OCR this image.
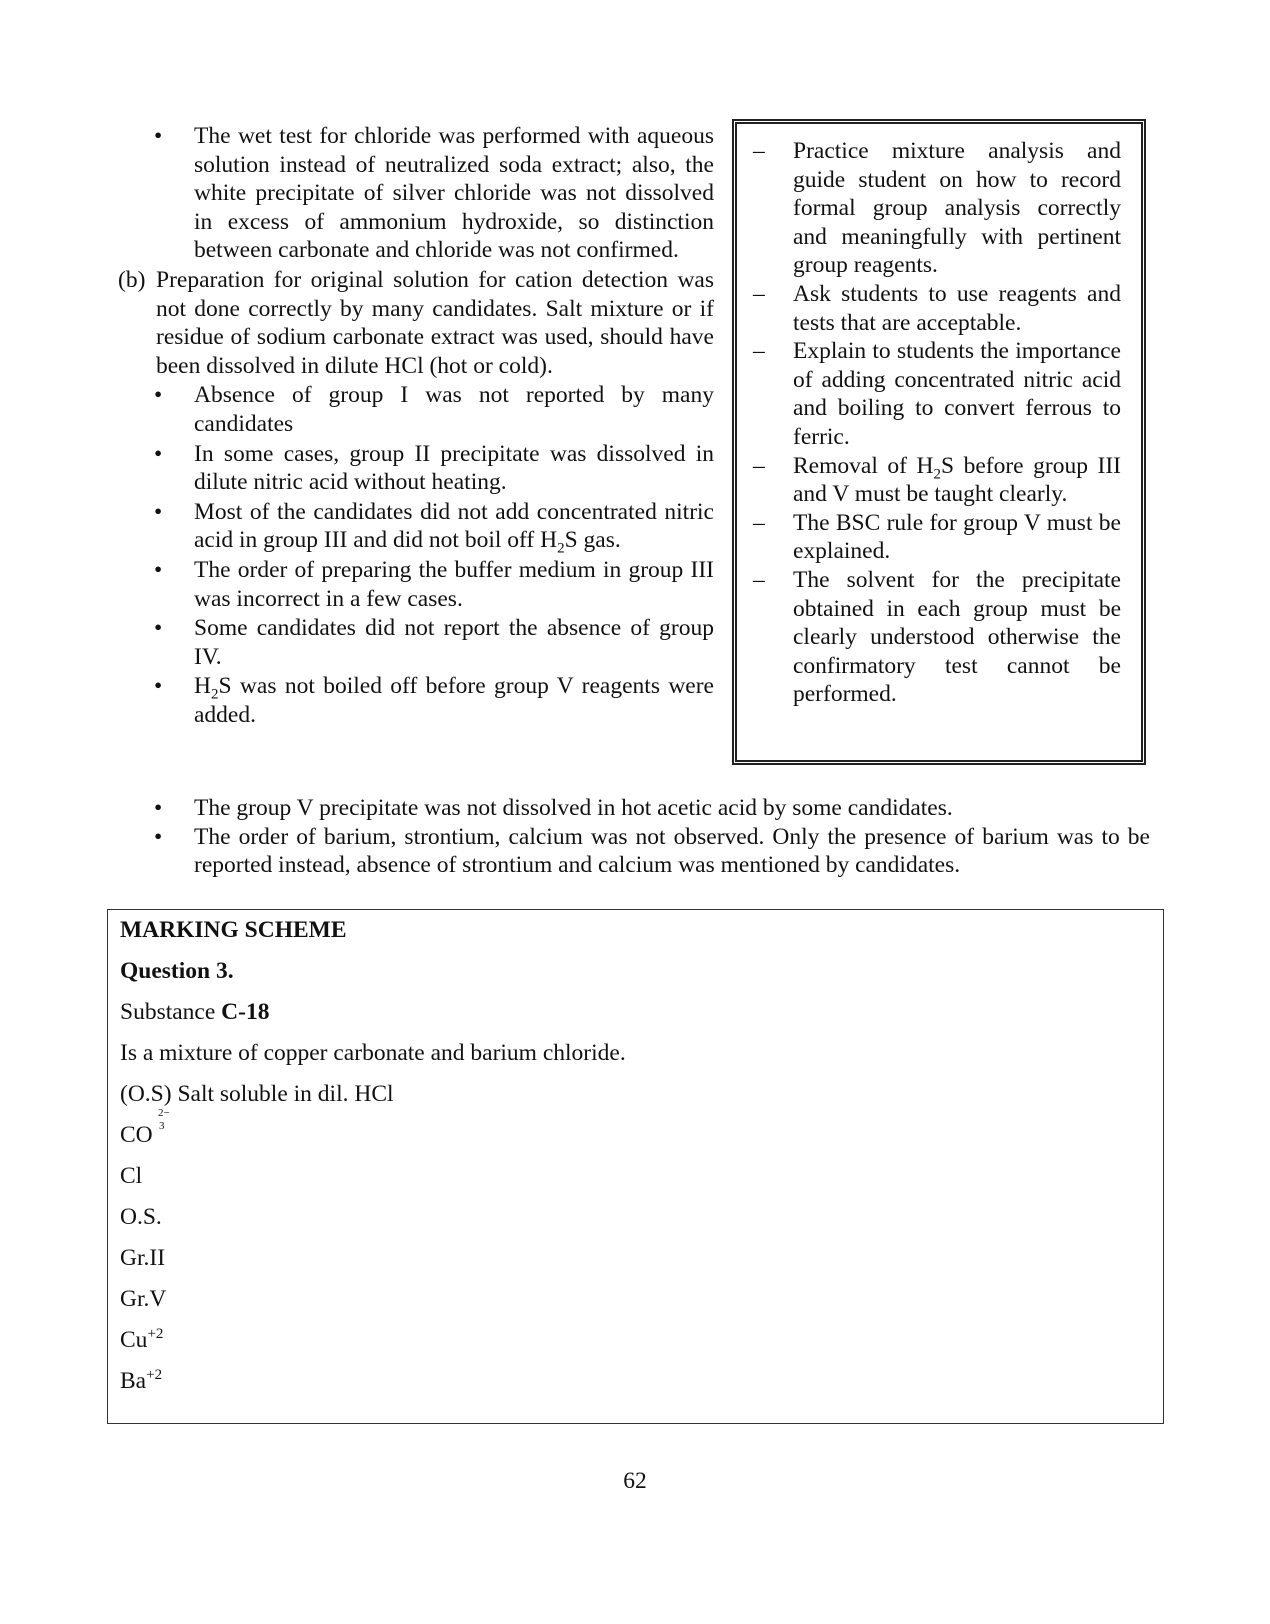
•	The wet test for chloride was performed with aqueous solution instead of neutralized soda extract; also, the white precipitate of silver chloride was not dissolved in excess of ammonium hydroxide, so distinction between carbonate and chloride was not confirmed.
(b) Preparation for original solution for cation detection was not done correctly by many candidates. Salt mixture or if residue of sodium carbonate extract was used, should have been dissolved in dilute HCl (hot or cold).
•	Absence of group I was not reported by many candidates
•	In some cases, group II precipitate was dissolved in dilute nitric acid without heating.
•	Most of the candidates did not add concentrated nitric acid in group III and did not boil off $H_2S$ gas.
•	The order of preparing the buffer medium in group III was incorrect in a few cases.
•	Some candidates did not report the absence of group IV.
•	$H_2S$ was not boiled off before group V reagents were added.
–	Practice mixture analysis and guide student on how to record formal group analysis correctly and meaningfully with pertinent group reagents.
–	Ask students to use reagents and tests that are acceptable.
–	Explain to students the importance of adding concentrated nitric acid and boiling to convert ferrous to ferric.
–	Removal of $H_2S$ before group III and V must be taught clearly.
–	The BSC rule for group V must be explained.
–	The solvent for the precipitate obtained in each group must be clearly understood otherwise the confirmatory test cannot be performed.
•	The group V precipitate was not dissolved in hot acetic acid by some candidates.
•	The order of barium, strontium, calcium was not observed. Only the presence of barium was to be reported instead, absence of strontium and calcium was mentioned by candidates.
MARKING SCHEME
Question 3.
Substance C-18
Is a mixture of copper carbonate and barium chloride.
(O.S) Salt soluble in dil. HCl
CO
2−
3
Cl
O.S.
Gr.II
Gr.V
$Cu^{+2}$
$Ba^{+2}$
62
